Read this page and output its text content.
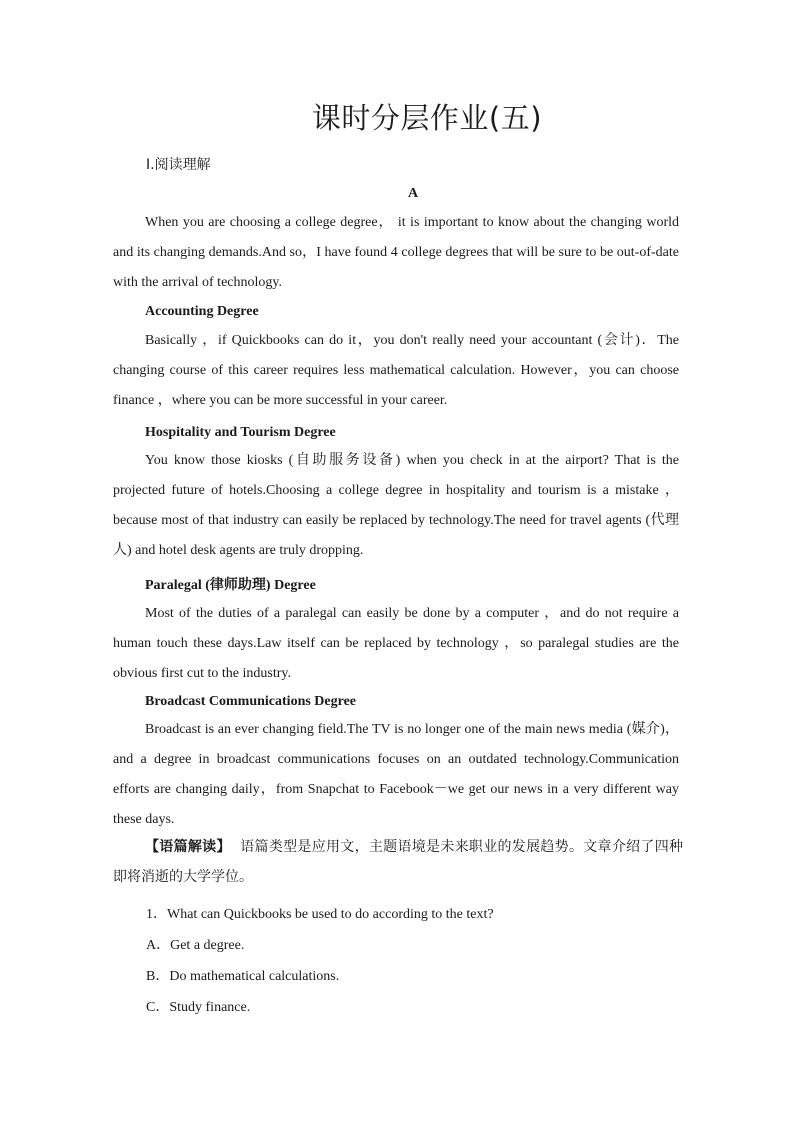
课时分层作业(五)
Ⅰ.阅读理解
A

When you are choosing a college degree， it is important to know about the changing world and its changing demands.And so，I have found 4 college degrees that will be sure to be out-of-date with the arrival of technology.

Accounting Degree

Basically ，if Quickbooks can do it，you don't really need your accountant (会计)．The changing course of this career requires less mathematical calculation. However，you can choose finance ，where you can be more successful in your career.

Hospitality and Tourism Degree

You know those kiosks (自助服务设备) when you check in at the airport? That is the projected future of hotels.Choosing a college degree in hospitality and tourism is a mistake ，because most of that industry can easily be replaced by technology.The need for travel agents (代理人) and hotel desk agents are truly dropping.

Paralegal (律师助理) Degree

Most of the duties of a paralegal can easily be done by a computer ，and do not require a human touch these days.Law itself can be replaced by technology ，so paralegal studies are the obvious first cut to the industry.

Broadcast Communications Degree

Broadcast is an ever changing field.The TV is no longer one of the main news media (媒介)，and a degree in broadcast communications focuses on an outdated technology.Communication efforts are changing daily，from Snapchat to Facebook－we get our news in a very different way these days.

【语篇解读】 语篇类型是应用文，主题语境是未来职业的发展趋势。文章介绍了四种即将消逝的大学学位。

1．What can Quickbooks be used to do according to the text?

A．Get a degree.

B．Do mathematical calculations.

C．Study finance.
